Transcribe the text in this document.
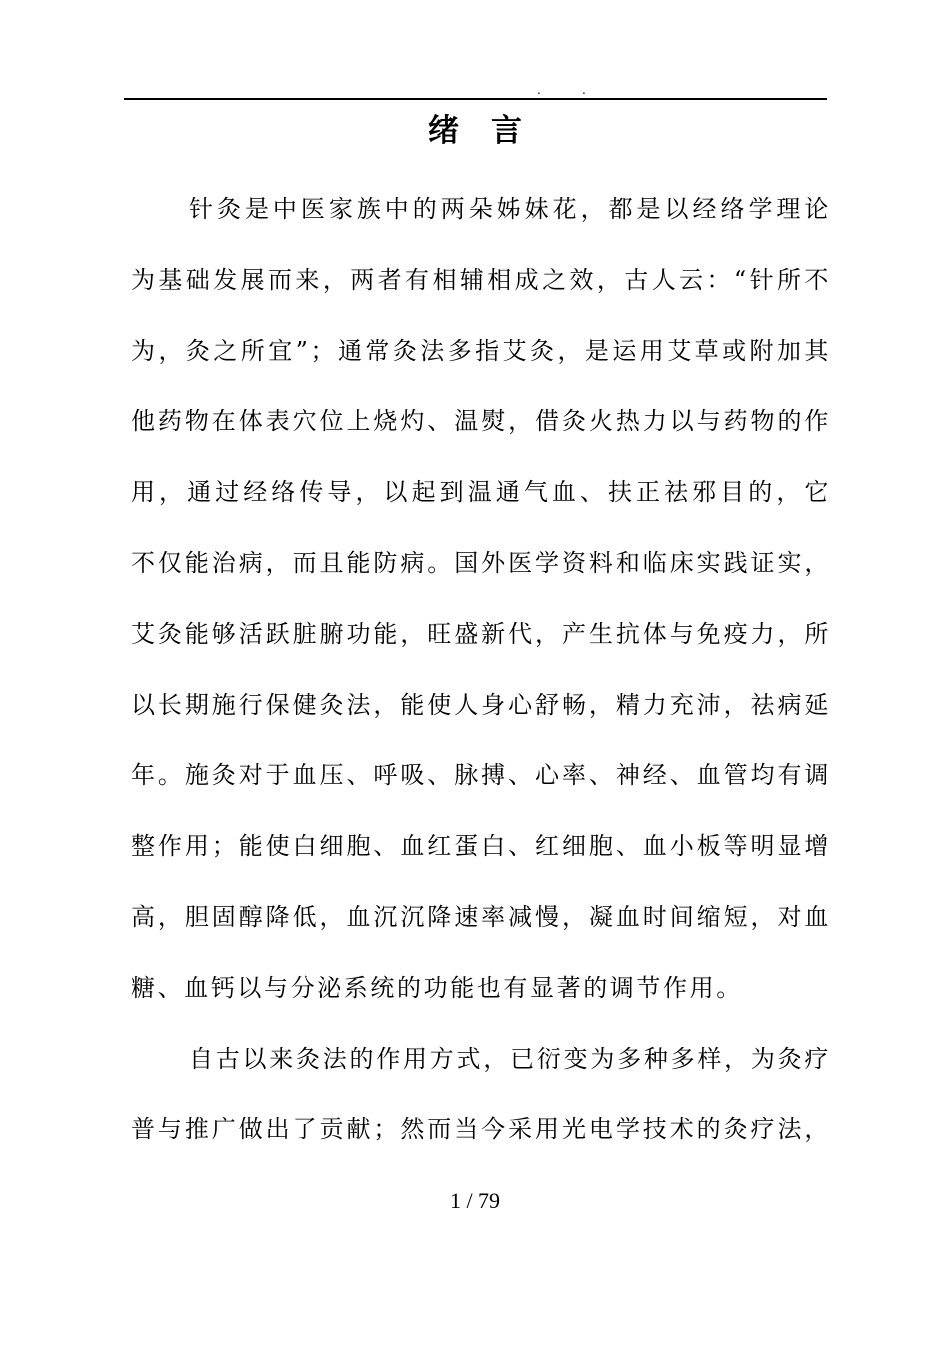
.	.
绪言
针灸是中医家族中的两朵姊妹花，都是以经络学理论
为基础发展而来，两者有相辅相成之效，古人云：“针所不
为，灸之所宜”；通常灸法多指艾灸，是运用艾草或附加其
他药物在体表穴位上烧灼、温熨，借灸火热力以与药物的作
用，通过经络传导，以起到温通气血、扶正祛邪目的，它
不仅能治病，而且能防病。国外医学资料和临床实践证实，
艾灸能够活跃脏腑功能，旺盛新代，产生抗体与免疫力，所
以长期施行保健灸法，能使人身心舒畅，精力充沛，祛病延
年。施灸对于血压、呼吸、脉搏、心率、神经、血管均有调
整作用；能使白细胞、血红蛋白、红细胞、血小板等明显增
高，胆固醇降低，血沉沉降速率减慢，凝血时间缩短，对血
糖、血钙以与分泌系统的功能也有显著的调节作用。
自古以来灸法的作用方式，已衍变为多种多样，为灸疗
普与推广做出了贡献；然而当今采用光电学技术的灸疗法，
1 / 79
